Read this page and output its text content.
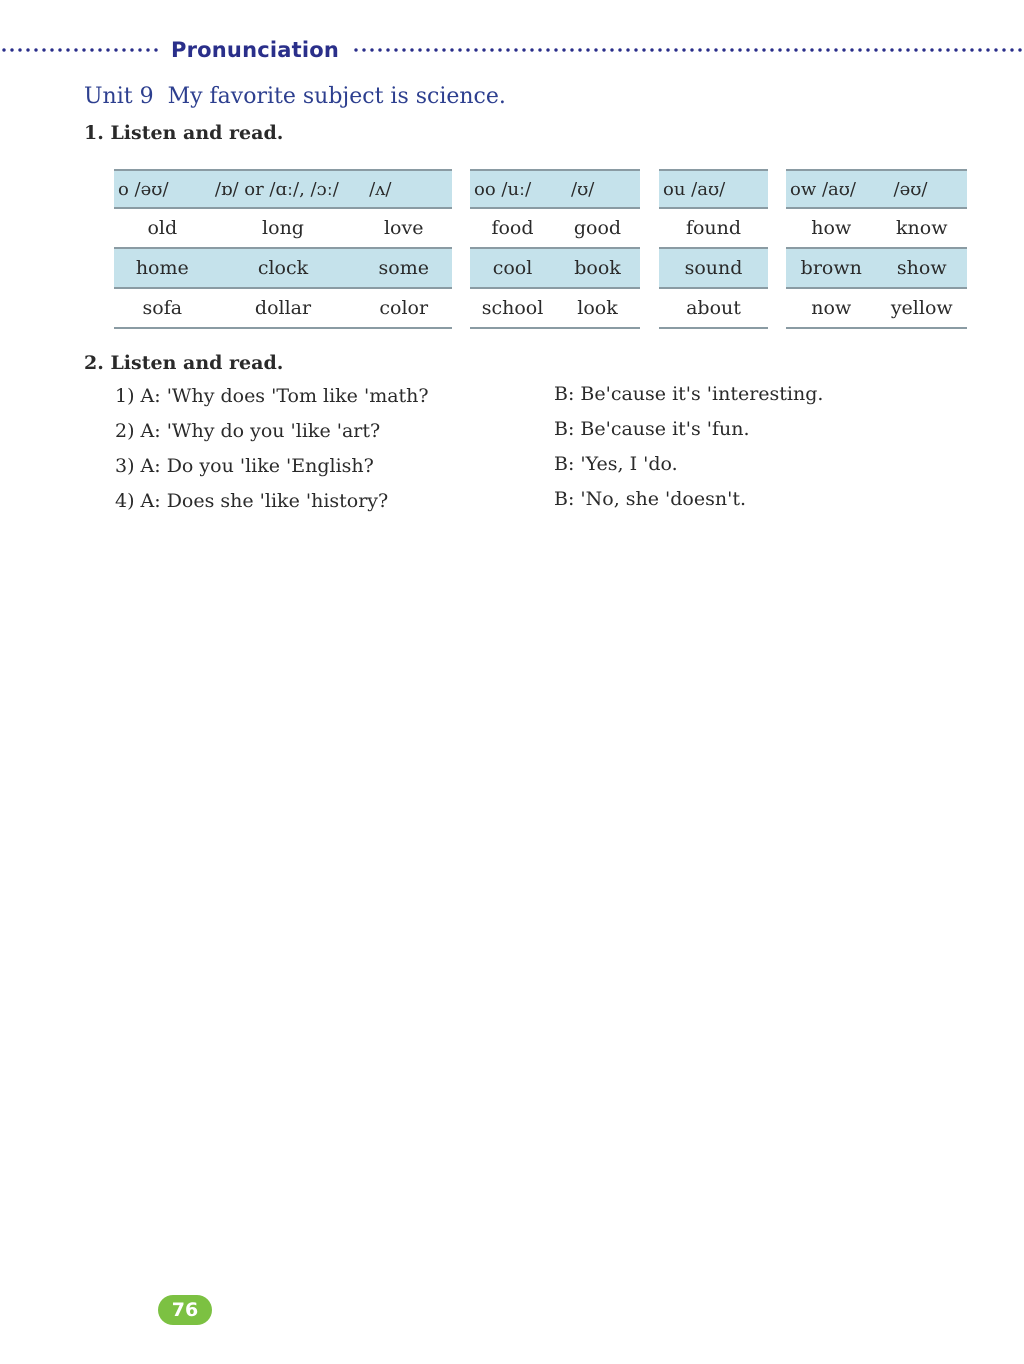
Pronunciation
Unit 9 My favorite subject is science.
1. Listen and read.
o /əʊ/	/ɒ/ or /ɑː/, /ɔː/	/ʌ/
old	long	love
home	clock	some
sofa	dollar	color
oo /uː/	/ʊ/
food	good
cool	book
school	look
ou /aʊ/
found
sound
about
ow /aʊ/	/əʊ/
how	know
brown	show
now	yellow
2. Listen and read.
1) A: 'Why does 'Tom like 'math?	B: Be'cause it's 'interesting.
2) A: 'Why do you 'like 'art?	B: Be'cause it's 'fun.
3) A: Do you 'like 'English?	B: 'Yes, I 'do.
4) A: Does she 'like 'history?	B: 'No, she 'doesn't.
76
